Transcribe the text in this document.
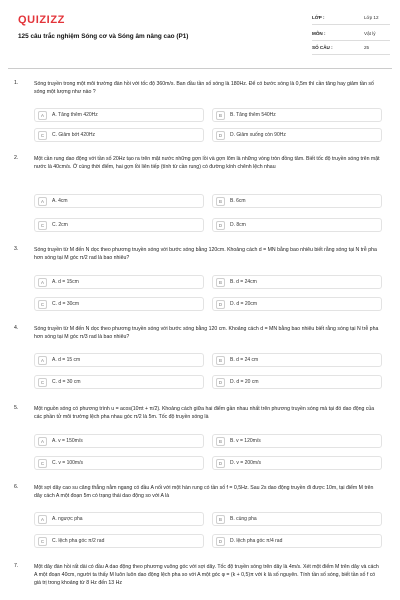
QUIZIZZ
125 câu trắc nghiệm Sóng cơ và Sóng âm nâng cao (P1)
LỚP :	Lớp 12
MÔN :	Vật lý
SỐ CÂU :	25
1.	Sóng truyền trong một môi trường đàn hồi với tốc độ 360m/s. Ban đầu tần số sóng là 180Hz. Để có bước sóng là 0,5m thì cần tăng hay giảm tần số sóng một lượng như nào ?
A	A. Tăng thêm 420Hz	B	B. Tăng thêm 540Hz
C	C. Giảm bớt 420Hz	D	D. Giảm xuống còn 90Hz
2.	Một cần rung dao động với tần số 20Hz tạo ra trên mặt nước những gợn lồi và gợn lõm là những vòng tròn đồng tâm. Biết tốc độ truyền sóng trên mặt nước là 40cm/s. Ở cùng thời điểm, hai gợn lồi liên tiếp (tính từ cần rung) có đường kính chênh lệch nhau
A	A. 4cm	B	B. 6cm
C	C. 2cm	D	D. 8cm
3.	Sóng truyền từ M đến N dọc theo phương truyền sóng với bước sóng bằng 120cm. Khoảng cách d = MN bằng bao nhiêu biết rằng sóng tại N trễ pha hơn sóng tại M góc π/2 rad là bao nhiêu?
A	A. d = 15cm	B	B. d = 24cm
C	C. d = 30cm	D	D. d = 20cm
4.	Sóng truyền từ M đến N dọc theo phương truyền sóng với bước sóng bằng 120 cm. Khoảng cách d = MN bằng bao nhiêu biết rằng sóng tại N trễ pha hơn sóng tại M góc π/3 rad là bao nhiêu?
A	A. d = 15 cm	B	B. d = 24 cm
C	C. d = 30 cm	D	D. d = 20 cm
5.	Một nguồn sóng có phương trình u = acos(10πt + π/2). Khoảng cách giữa hai điểm gần nhau nhất trên phương truyền sóng mà tại đó dao động của các phần tử môi trường lệch pha nhau góc π/2 là 5m. Tốc độ truyền sóng là
A	A. v = 150m/s	B	B. v = 120m/s
C	C. v = 100m/s	D	D. v = 200m/s
6.	Một sợi dây cao su căng thẳng nằm ngang có đầu A nối với một hàn rung có tần số f = 0,5Hz. Sau 2s dao động truyền đi được 10m, tại điểm M trên dây cách A một đoạn 5m có trạng thái dao động so với A là
A	A. ngược pha	B	B. cùng pha
C	C. lệch pha góc π/2 rad	D	D. lệch pha góc π/4 rad
7.	Một dây đàn hồi rất dài có đầu A dao động theo phương vuông góc với sợi dây. Tốc độ truyền sóng trên dây là 4m/s. Xét một điểm M trên dây và cách A một đoạn 40cm, người ta thấy M luôn luôn dao động lệch pha so với A một góc φ = (k + 0,5)π với k là số nguyên. Tính tần số sóng, biết tần số f có giá trị trong khoảng từ 8 Hz đến 13 Hz
